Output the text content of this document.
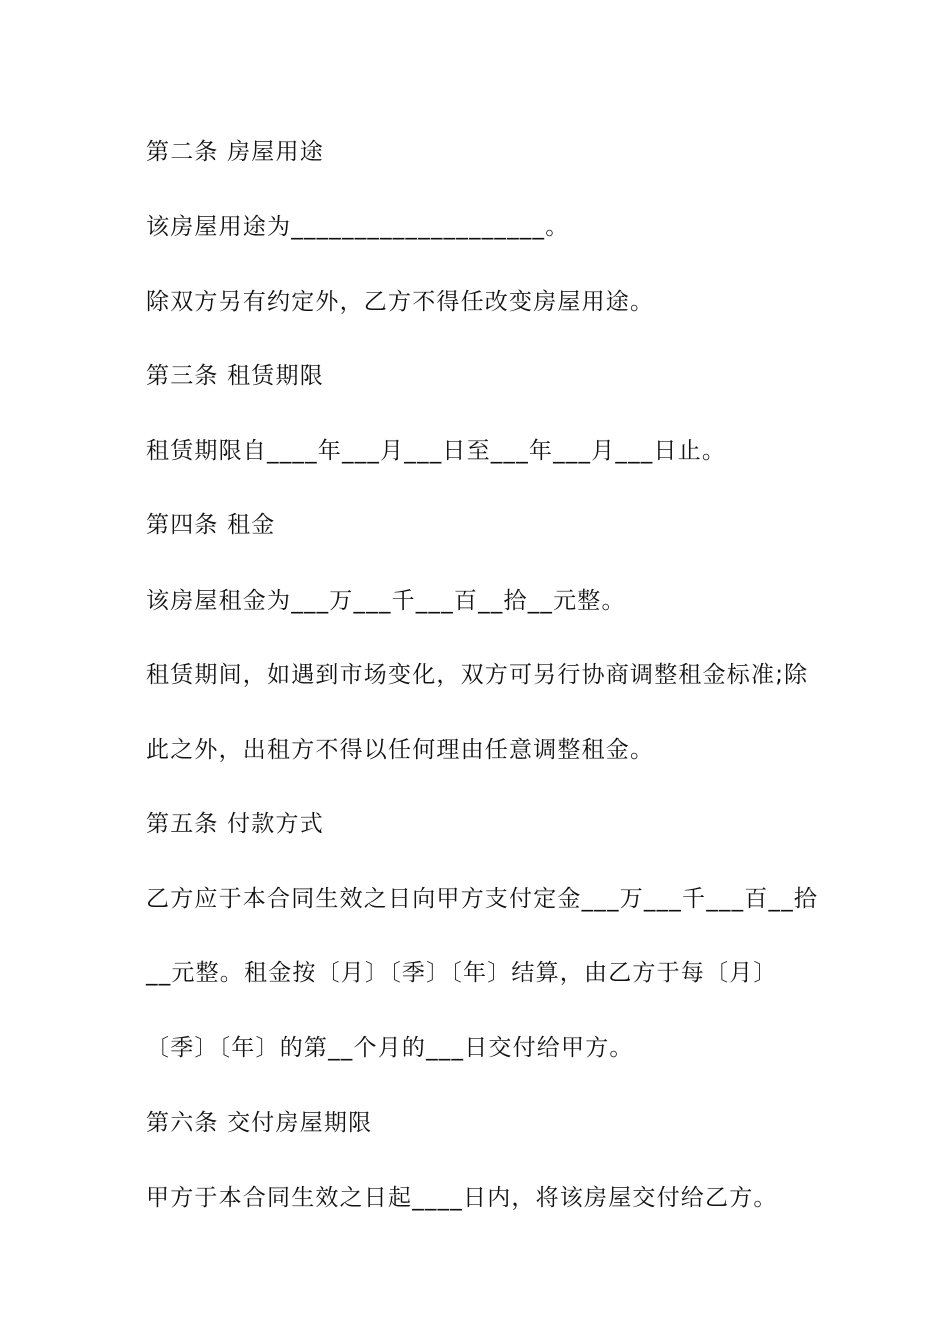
第二条 房屋用途
该房屋用途为____________________。
除双方另有约定外，乙方不得任改变房屋用途。
第三条 租赁期限
租赁期限自____年___月___日至___年___月___日止。
第四条 租金
该房屋租金为___万___千___百__拾__元整。
租赁期间，如遇到市场变化，双方可另行协商调整租金标准;除
此之外，出租方不得以任何理由任意调整租金。
第五条 付款方式
乙方应于本合同生效之日向甲方支付定金___万___千___百__拾
__元整。租金按〔月〕〔季〕〔年〕结算，由乙方于每〔月〕
〔季〕〔年〕的第__个月的___日交付给甲方。
第六条 交付房屋期限
甲方于本合同生效之日起____日内，将该房屋交付给乙方。
